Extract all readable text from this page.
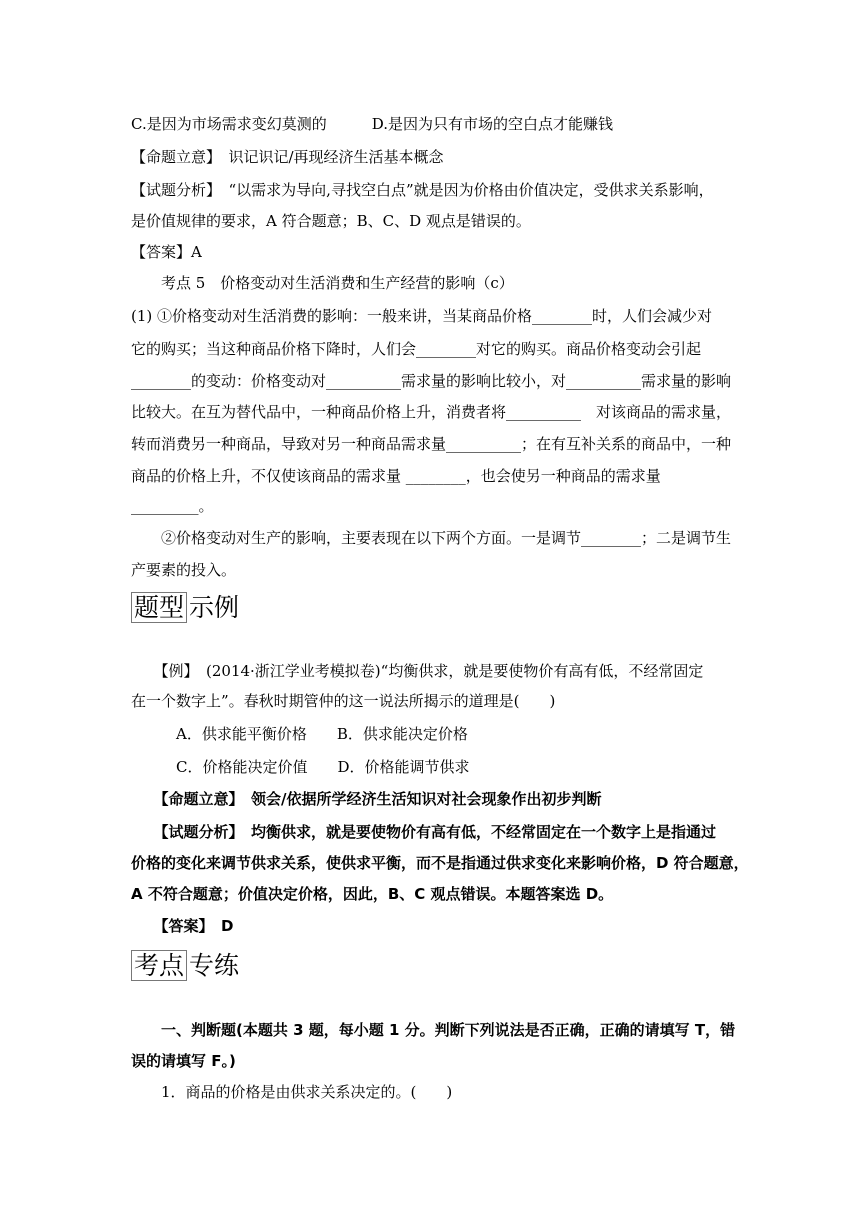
C.是因为市场需求变幻莫测的　　　D.是因为只有市场的空白点才能赚钱
【命题立意】　识记识记/再现经济生活基本概念
【试题分析】　“以需求为导向,寻找空白点”就是因为价格由价值决定，受供求关系影响，
是价值规律的要求，A 符合题意；B、C、D 观点是错误的。
【答案】A
　　考点 5　价格变动对生活消费和生产经营的影响（c）
(1) ①价格变动对生活消费的影响：一般来讲，当某商品价格________时，人们会减少对
它的购买；当这种商品价格下降时，人们会________对它的购买。商品价格变动会引起
________的变动：价格变动对__________需求量的影响比较小，对__________需求量的影响
比较大。在互为替代品中，一种商品价格上升，消费者将__________　对该商品的需求量，
转而消费另一种商品，导致对另一种商品需求量__________；在有互补关系的商品中，一种
商品的价格上升，不仅使该商品的需求量 ________，也会使另一种商品的需求量
_________。
　　②价格变动对生产的影响，主要表现在以下两个方面。一是调节________；二是调节生
产要素的投入。
题型 示例
　　【例】　(2014·浙江学业考模拟卷)“均衡供求，就是要使物价有高有低，不经常固定
在一个数字上”。春秋时期管仲的这一说法所揭示的道理是(　　)
　　　A．供求能平衡价格　　B．供求能决定价格
　　　C．价格能决定价值　　D．价格能调节供求
　　【命题立意】　领会/依据所学经济生活知识对社会现象作出初步判断
　　【试题分析】　均衡供求，就是要使物价有高有低，不经常固定在一个数字上是指通过
价格的变化来调节供求关系，使供求平衡，而不是指通过供求变化来影响价格，D 符合题意，
A 不符合题意；价值决定价格，因此，B、C 观点错误。本题答案选 D。
　　【答案】　D
考点 专练
　　一、判断题(本题共 3 题，每小题 1 分。判断下列说法是否正确，正确的请填写 T，错
误的请填写 F。)
　　1．商品的价格是由供求关系决定的。(　　)
